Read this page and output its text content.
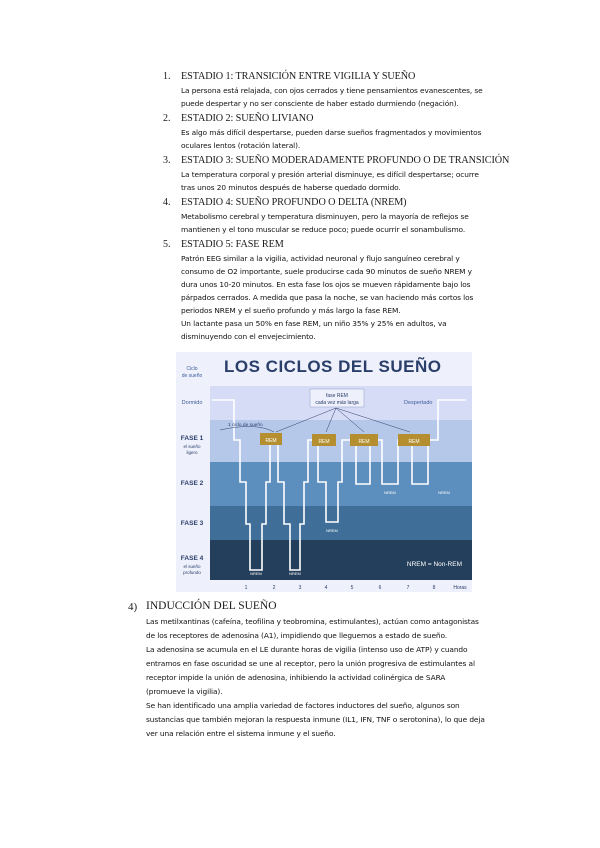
1. ESTADIO 1: TRANSICIÓN ENTRE VIGILIA Y SUEÑO
La persona está relajada, con ojos cerrados y tiene pensamientos evanescentes, se
puede despertar y no ser consciente de haber estado durmiendo (negación).
2. ESTADIO 2: SUEÑO LIVIANO
Es algo más difícil despertarse, pueden darse sueños fragmentados y movimientos
oculares lentos (rotación lateral).
3. ESTADIO 3: SUEÑO MODERADAMENTE PROFUNDO O DE TRANSICIÓN
La temperatura corporal y presión arterial disminuye, es difícil despertarse; ocurre
tras unos 20 minutos después de haberse quedado dormido.
4. ESTADIO 4: SUEÑO PROFUNDO O DELTA (NREM)
Metabolismo cerebral y temperatura disminuyen, pero la mayoría de reflejos se
mantienen y el tono muscular se reduce poco; puede ocurrir el sonambulismo.
5. ESTADIO 5: FASE REM
Patrón EEG similar a la vigilia, actividad neuronal y flujo sanguíneo cerebral y
consumo de O2 importante, suele producirse cada 90 minutos de sueño NREM y
dura unos 10-20 minutos. En esta fase los ojos se mueven rápidamente bajo los
párpados cerrados. A medida que pasa la noche, se van haciendo más cortos los
periodos NREM y el sueño profundo y más largo la fase REM.
Un lactante pasa un 50% en fase REM, un niño 35% y 25% en adultos, va
disminuyendo con el envejecimiento.
LOS CICLOS DEL SUEÑO
Ciclo
de sueño
Dormido
FASE 1
el sueño
ligero
FASE 2
FASE 3
FASE 4
el sueño
profundo
REM	REM	REM	REM
NREM	NREM
NREM
NREM	NREM
Despertado
fase REM
cada vez más larga
1 ciclo de sueño
NREM = Non-REM
1	2	3	4	5	6	7	8	Horas
4) INDUCCIÓN DEL SUEÑO
Las metilxantinas (cafeína, teofilina y teobromina, estimulantes), actúan como antagonistas
de los receptores de adenosina (A1), impidiendo que lleguemos a estado de sueño.
La adenosina se acumula en el LE durante horas de vigilia (intenso uso de ATP) y cuando
entramos en fase oscuridad se une al receptor, pero la unión progresiva de estimulantes al
receptor impide la unión de adenosina, inhibiendo la actividad colinérgica de SARA
(promueve la vigilia).
Se han identificado una amplia variedad de factores inductores del sueño, algunos son
sustancias que también mejoran la respuesta inmune (IL1, IFN, TNF o serotonina), lo que deja
ver una relación entre el sistema inmune y el sueño.
